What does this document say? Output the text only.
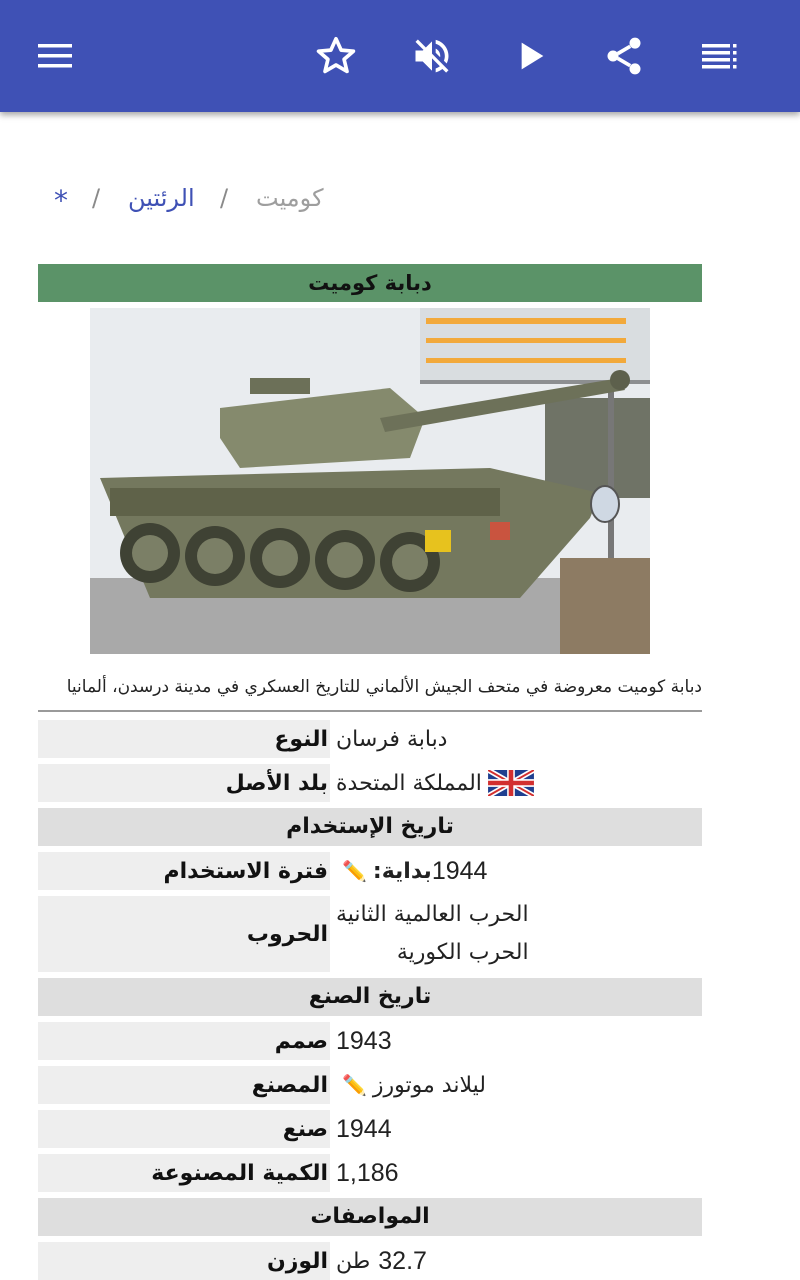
* / الرئتين / كوميت
دبابة كوميت
دبابة كوميت معروضة في متحف الجيش الألماني للتاريخ العسكري في مدينة درسدن، ألمانيا
النوع دبابة فرسان
بلد الأصل المملكة المتحدة
تاريخ الإستخدام
فترة الاستخدام	1944
بداية:
✏️
الحروب
الحرب العالمية الثانية
الحرب الكورية
تاريخ الصنع
صمم 1943
المصنع ليلاند موتورز
✏️
صنع 1944
الكمية المصنوعة 1,186
المواصفات
الوزن 32.7
طن
